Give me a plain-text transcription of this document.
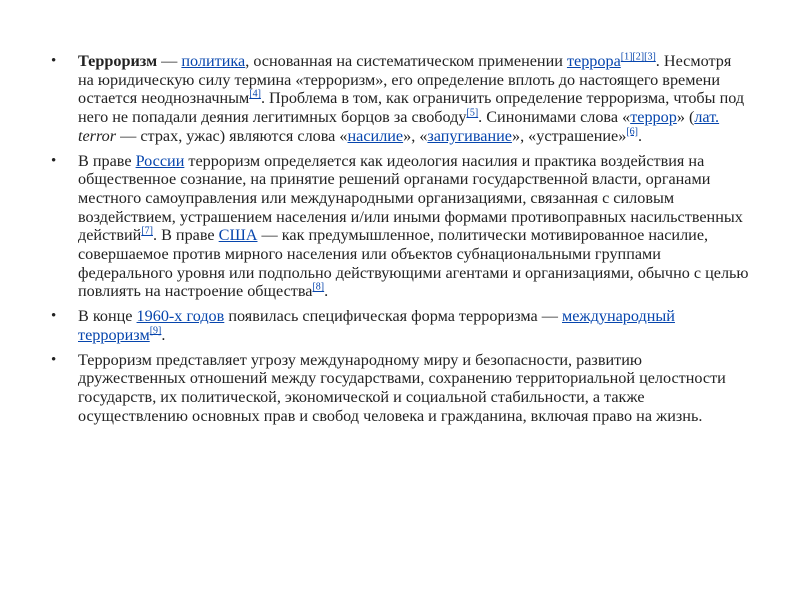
• Терроризм — политика, основанная на систематическом применении террора[1][2][3]. Несмотря на юридическую силу термина «терроризм», его определение вплоть до настоящего времени остается неоднозначным[4]. Проблема в том, как ограничить определение терроризма, чтобы под него не попадали деяния легитимных борцов за свободу[5]. Синонимами слова «террор» (лат. terror — страх, ужас) являются слова «насилие», «запугивание», «устрашение»[6].
• В праве России терроризм определяется как идеология насилия и практика воздействия на общественное сознание, на принятие решений органами государственной власти, органами местного самоуправления или международными организациями, связанная с силовым воздействием, устрашением населения и/или иными формами противоправных насильственных действий[7]. В праве США — как предумышленное, политически мотивированное насилие, совершаемое против мирного населения или объектов субнациональными группами федерального уровня или подпольно действующими агентами и организациями, обычно с целью повлиять на настроение общества[8].
• В конце 1960-х годов появилась специфическая форма терроризма — международный терроризм[9].
• Терроризм представляет угрозу международному миру и безопасности, развитию дружественных отношений между государствами, сохранению территориальной целостности государств, их политической, экономической и социальной стабильности, а также осуществлению основных прав и свобод человека и гражданина, включая право на жизнь.
